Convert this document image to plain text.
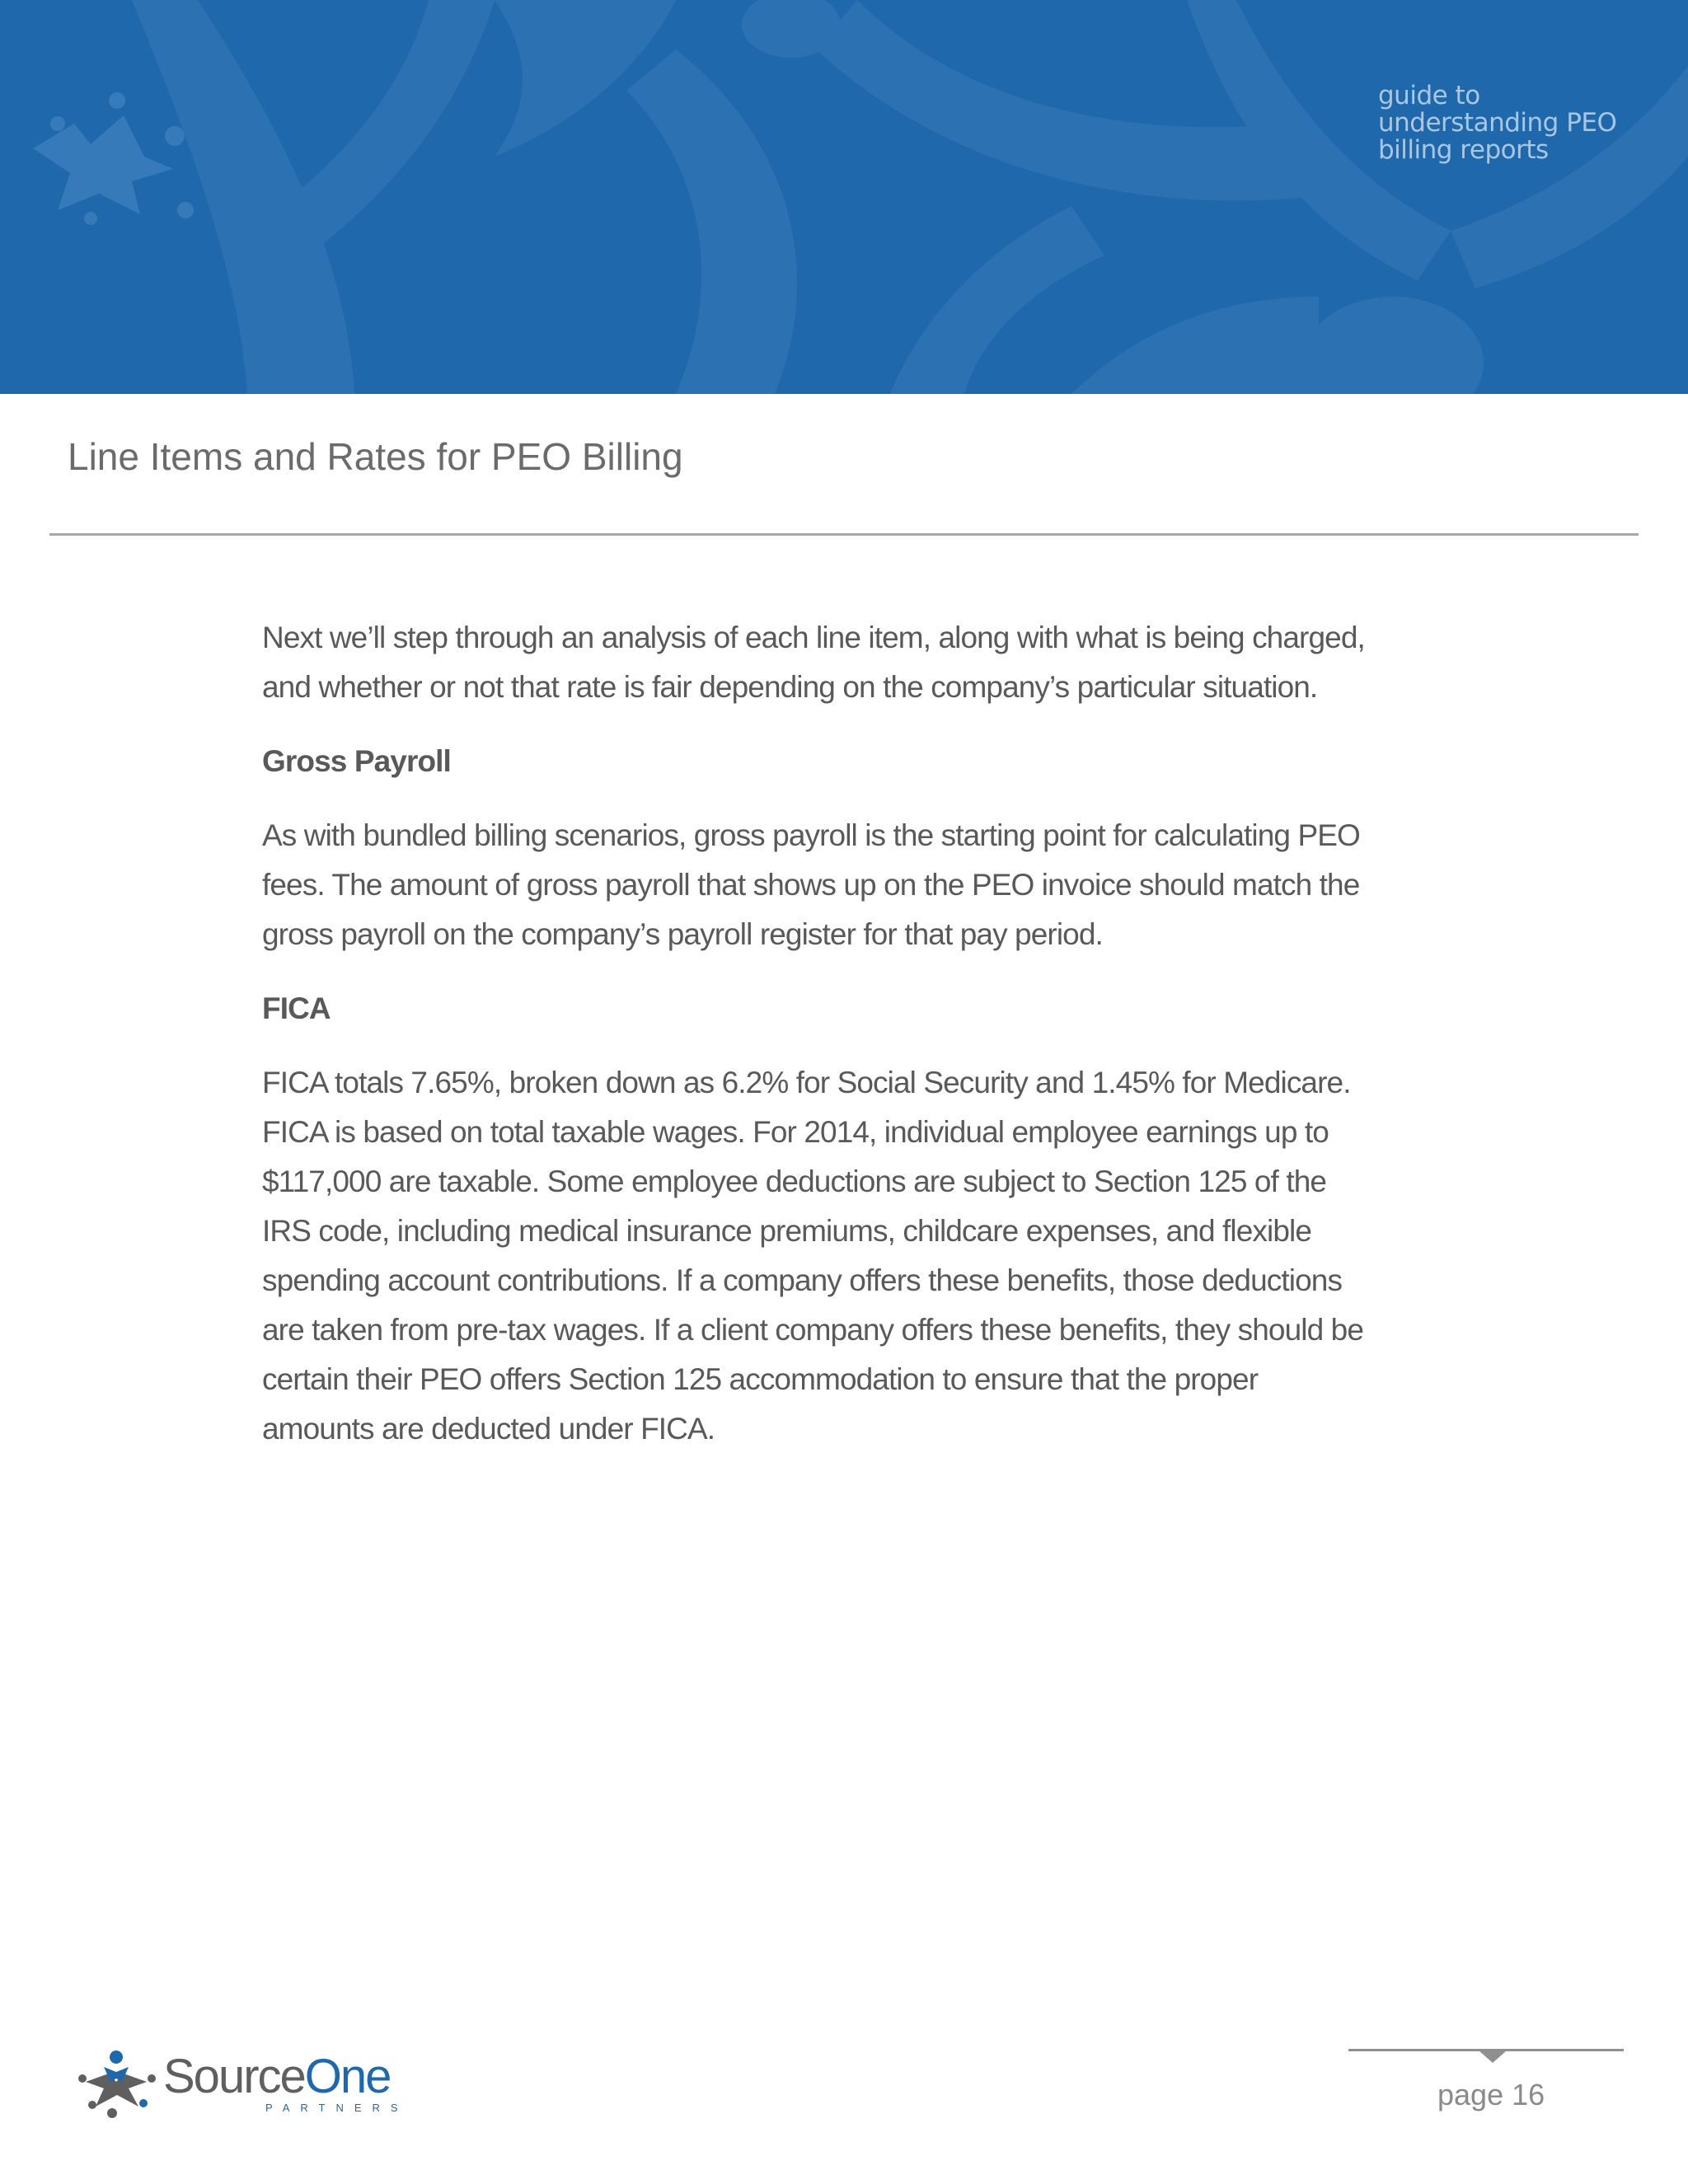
guide to
understanding PEO
billing reports
Line Items and Rates for PEO Billing

Next we’ll step through an analysis of each line item, along with what is being charged, and whether or not that rate is fair depending on the company’s particular situation.

Gross Payroll

As with bundled billing scenarios, gross payroll is the starting point for calculating PEO fees. The amount of gross payroll that shows up on the PEO invoice should match the gross payroll on the company’s payroll register for that pay period.

FICA

FICA totals 7.65%, broken down as 6.2% for Social Security and 1.45% for Medicare. FICA is based on total taxable wages. For 2014, individual employee earnings up to $117,000 are taxable. Some employee deductions are subject to Section 125 of the IRS code, including medical insurance premiums, childcare expenses, and flexible spending account contributions. If a company offers these benefits, those deductions are taken from pre-tax wages. If a client company offers these benefits, they should be certain their PEO offers Section 125 accommodation to ensure that the proper amounts are deducted under FICA.

SourceOne
PARTNERS	page 16
